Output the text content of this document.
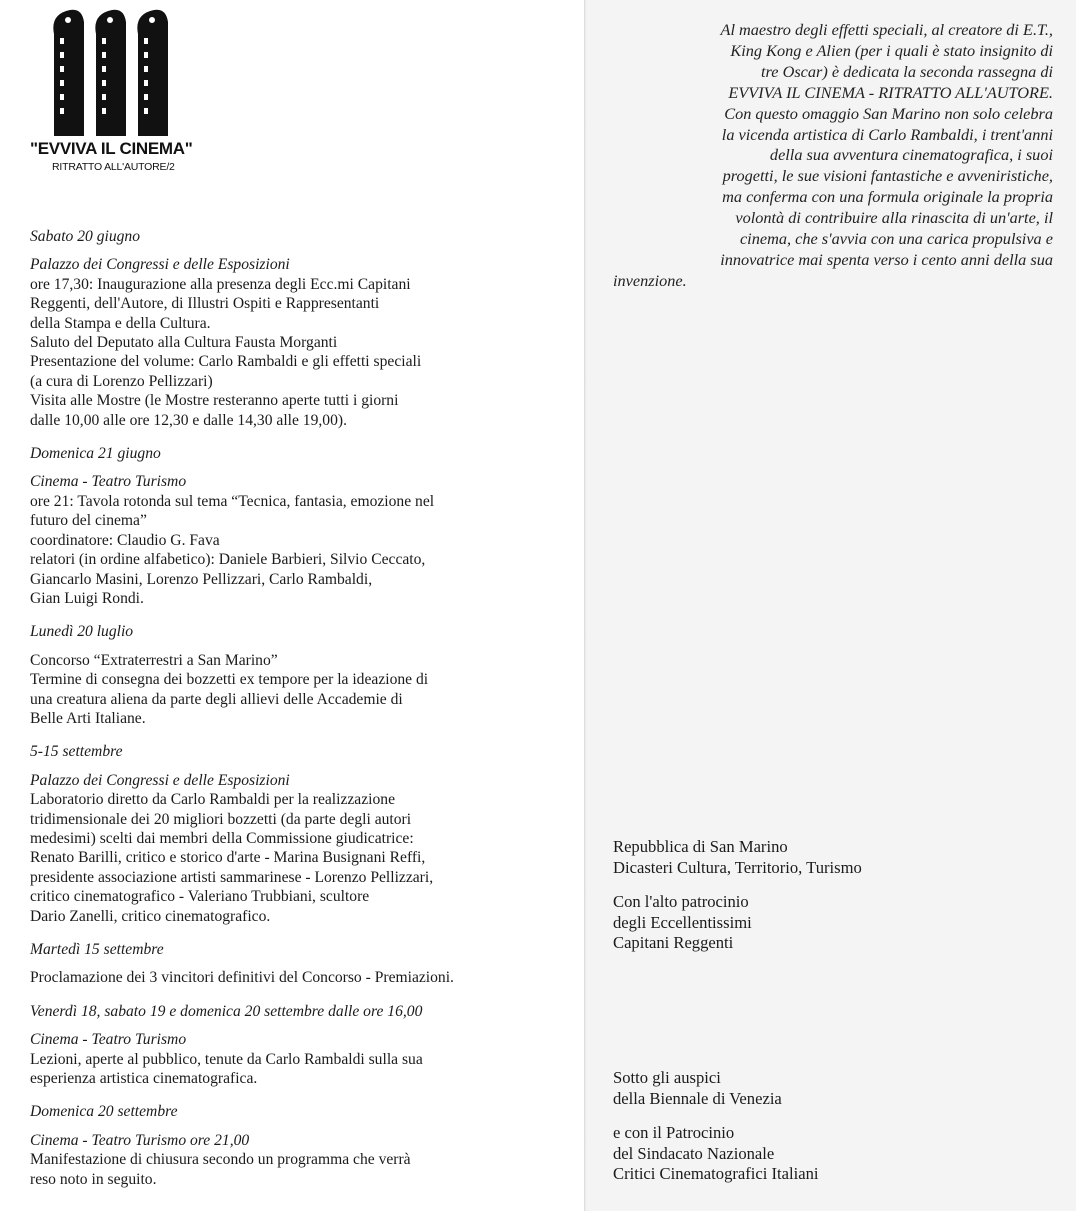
"EVVIVA IL CINEMA"
RITRATTO ALL'AUTORE/2
Sabato 20 giugno
Palazzo dei Congressi e delle Esposizioni
ore 17,30: Inaugurazione alla presenza degli Ecc.mi Capitani
Reggenti, dell'Autore, di Illustri Ospiti e Rappresentanti
della Stampa e della Cultura.
Saluto del Deputato alla Cultura Fausta Morganti
Presentazione del volume: Carlo Rambaldi e gli effetti speciali
(a cura di Lorenzo Pellizzari)
Visita alle Mostre (le Mostre resteranno aperte tutti i giorni
dalle 10,00 alle ore 12,30 e dalle 14,30 alle 19,00).
Domenica 21 giugno
Cinema - Teatro Turismo
ore 21: Tavola rotonda sul tema “Tecnica, fantasia, emozione nel
futuro del cinema”
coordinatore: Claudio G. Fava
relatori (in ordine alfabetico): Daniele Barbieri, Silvio Ceccato,
Giancarlo Masini, Lorenzo Pellizzari, Carlo Rambaldi,
Gian Luigi Rondi.
Lunedì 20 luglio
Concorso “Extraterrestri a San Marino”
Termine di consegna dei bozzetti ex tempore per la ideazione di
una creatura aliena da parte degli allievi delle Accademie di
Belle Arti Italiane.
5-15 settembre
Palazzo dei Congressi e delle Esposizioni
Laboratorio diretto da Carlo Rambaldi per la realizzazione
tridimensionale dei 20 migliori bozzetti (da parte degli autori
medesimi) scelti dai membri della Commissione giudicatrice:
Renato Barilli, critico e storico d'arte - Marina Busignani Reffi,
presidente associazione artisti sammarinese - Lorenzo Pellizzari,
critico cinematografico - Valeriano Trubbiani, scultore
Dario Zanelli, critico cinematografico.
Martedì 15 settembre
Proclamazione dei 3 vincitori definitivi del Concorso - Premiazioni.
Venerdì 18, sabato 19 e domenica 20 settembre dalle ore 16,00
Cinema - Teatro Turismo
Lezioni, aperte al pubblico, tenute da Carlo Rambaldi sulla sua
esperienza artistica cinematografica.
Domenica 20 settembre
Cinema - Teatro Turismo ore 21,00
Manifestazione di chiusura secondo un programma che verrà
reso noto in seguito.
Al maestro degli effetti speciali, al creatore di E.T.,
King Kong e Alien (per i quali è stato insignito di
tre Oscar) è dedicata la seconda rassegna di
EVVIVA IL CINEMA - RITRATTO ALL'AUTORE.
Con questo omaggio San Marino non solo celebra
la vicenda artistica di Carlo Rambaldi, i trent'anni
della sua avventura cinematografica, i suoi
progetti, le sue visioni fantastiche e avveniristiche,
ma conferma con una formula originale la propria
volontà di contribuire alla rinascita di un'arte, il
cinema, che s'avvia con una carica propulsiva e
innovatrice mai spenta verso i cento anni della sua
invenzione.
Repubblica di San Marino
Dicasteri Cultura, Territorio, Turismo
Con l'alto patrocinio
degli Eccellentissimi
Capitani Reggenti
Sotto gli auspici
della Biennale di Venezia
e con il Patrocinio
del Sindacato Nazionale
Critici Cinematografici Italiani
